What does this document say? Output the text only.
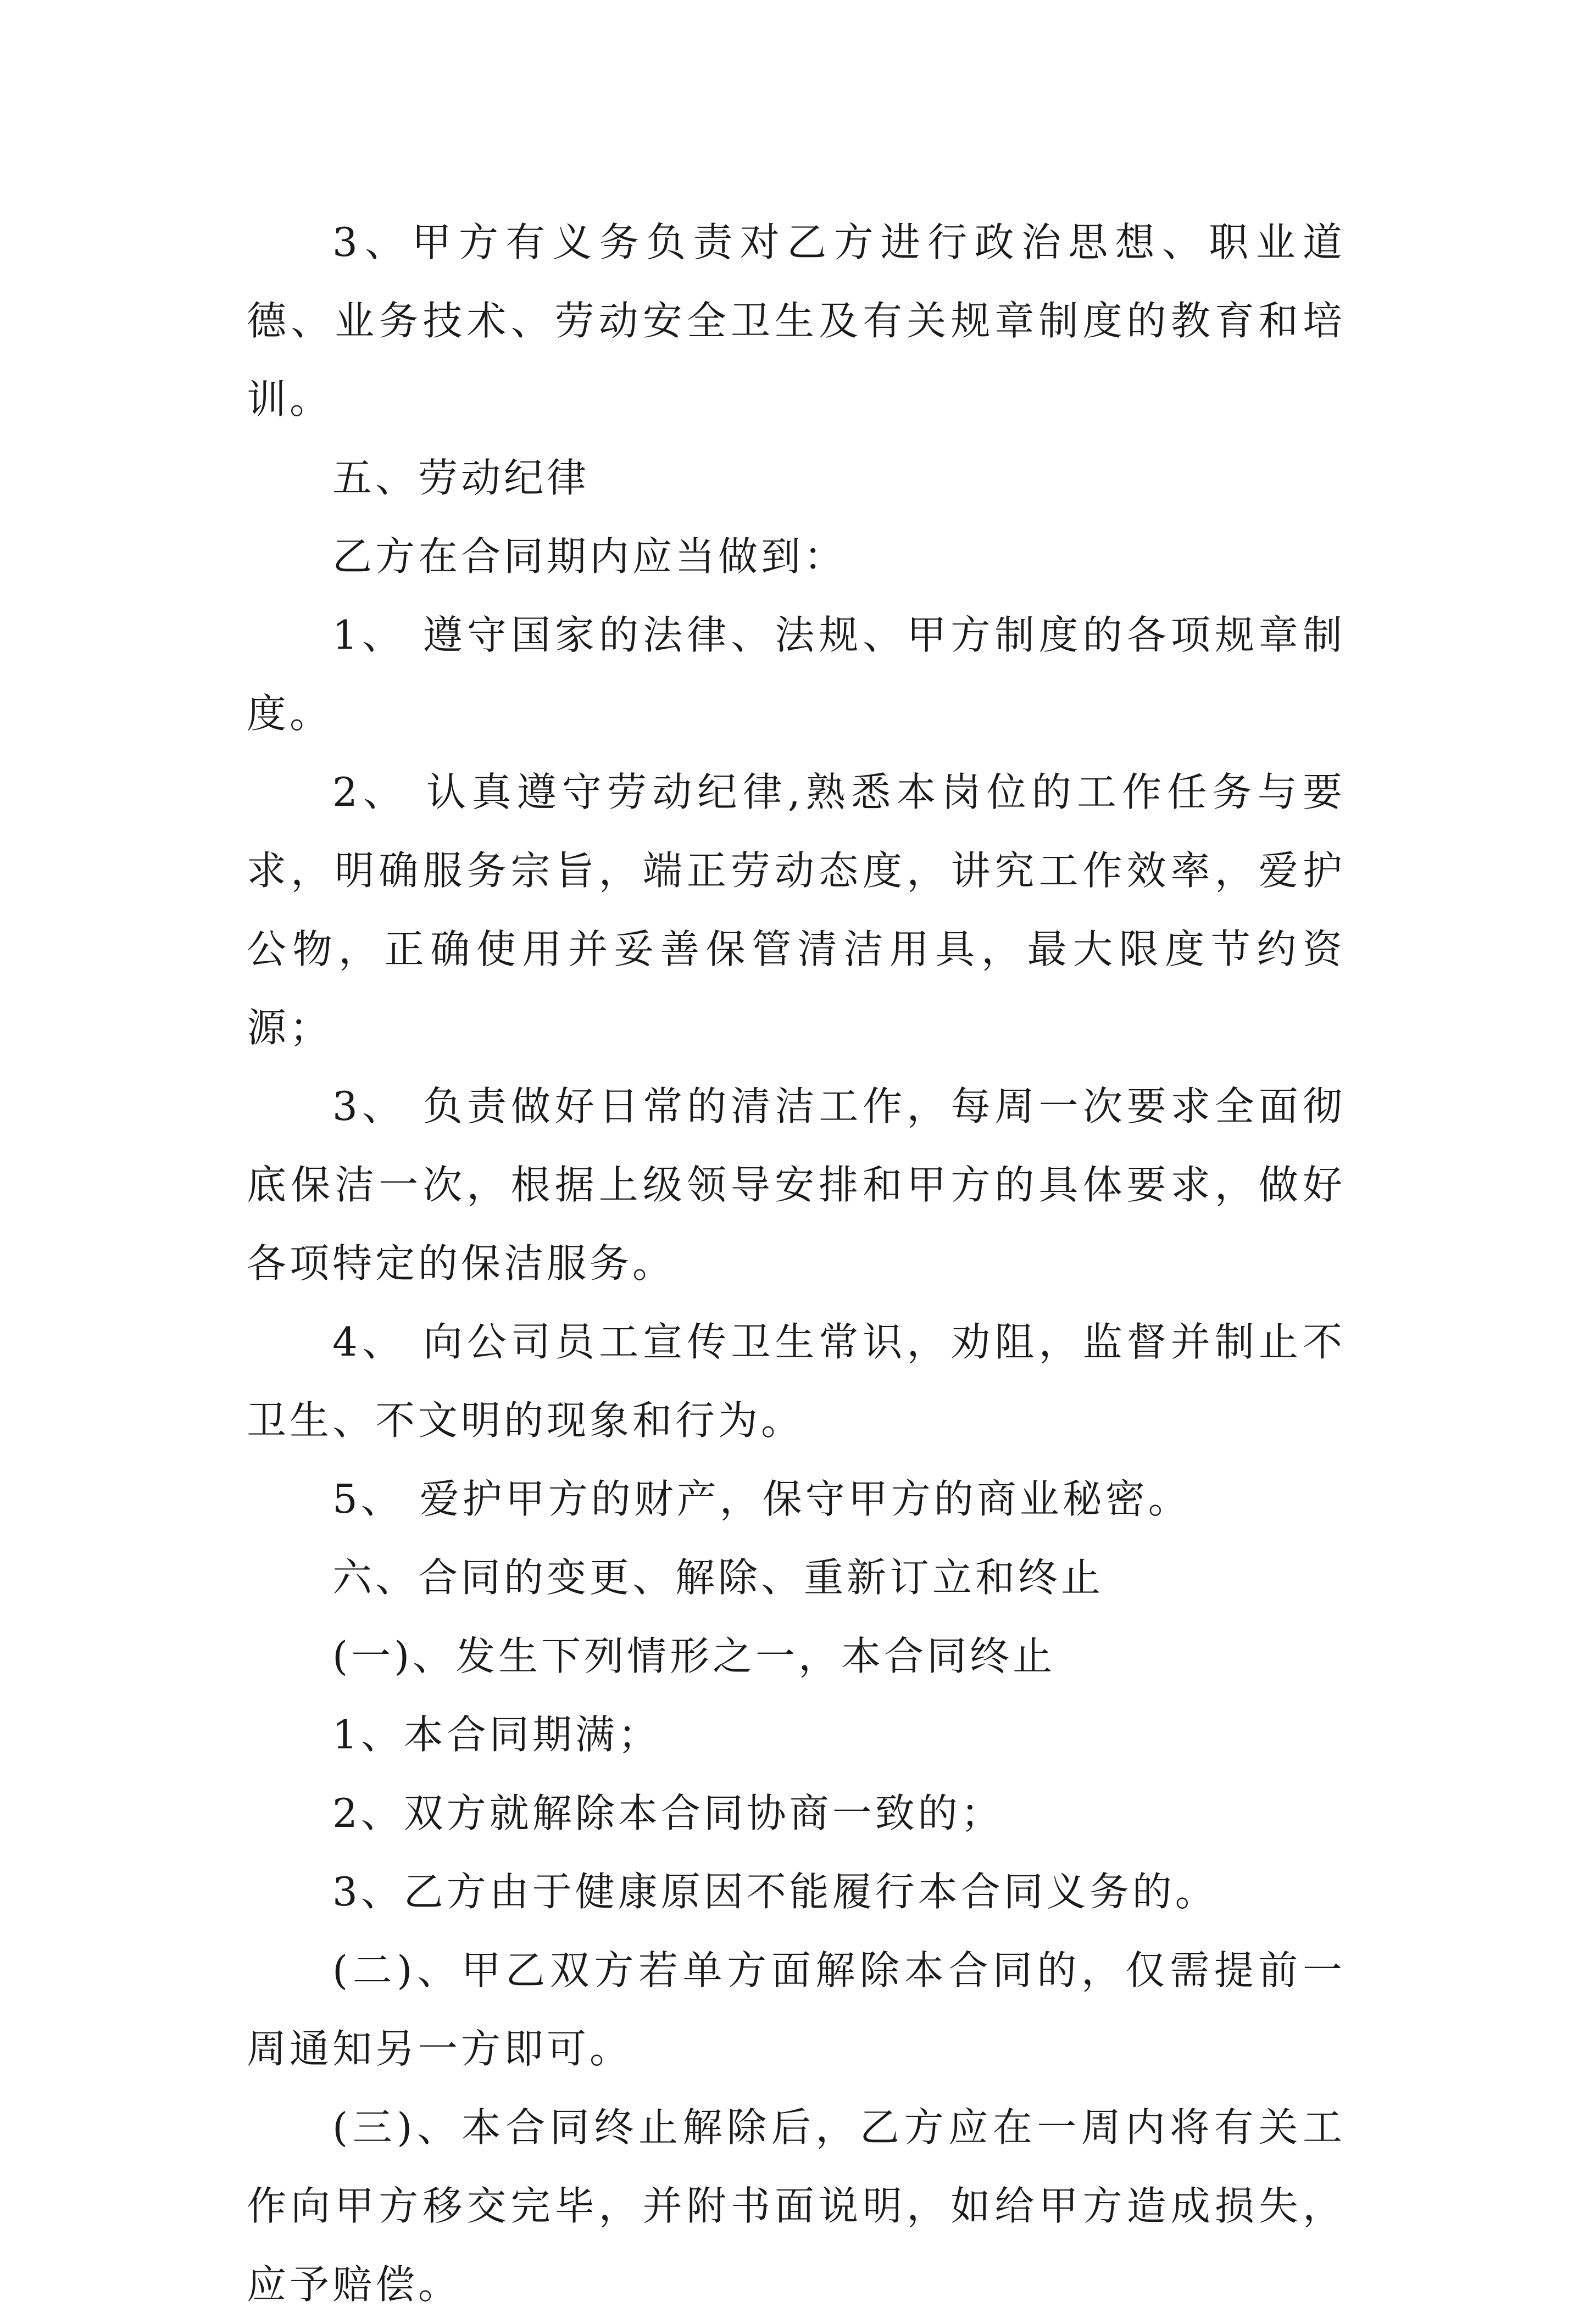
3、甲方有义务负责对乙方进行政治思想、职业道德、业务技术、劳动安全卫生及有关规章制度的教育和培训。

五、劳动纪律

乙方在合同期内应当做到：

1、 遵守国家的法律、法规、甲方制度的各项规章制度。

2、 认真遵守劳动纪律,熟悉本岗位的工作任务与要求，明确服务宗旨，端正劳动态度，讲究工作效率，爱护公物，正确使用并妥善保管清洁用具，最大限度节约资源；

3、 负责做好日常的清洁工作，每周一次要求全面彻底保洁一次，根据上级领导安排和甲方的具体要求，做好各项特定的保洁服务。

4、 向公司员工宣传卫生常识，劝阻，监督并制止不卫生、不文明的现象和行为。

5、 爱护甲方的财产，保守甲方的商业秘密。

六、合同的变更、解除、重新订立和终止

(一)、发生下列情形之一，本合同终止

1、本合同期满；

2、双方就解除本合同协商一致的；

3、乙方由于健康原因不能履行本合同义务的。

(二)、甲乙双方若单方面解除本合同的，仅需提前一周通知另一方即可。

(三)、本合同终止解除后，乙方应在一周内将有关工作向甲方移交完毕，并附书面说明，如给甲方造成损失，应予赔偿。
